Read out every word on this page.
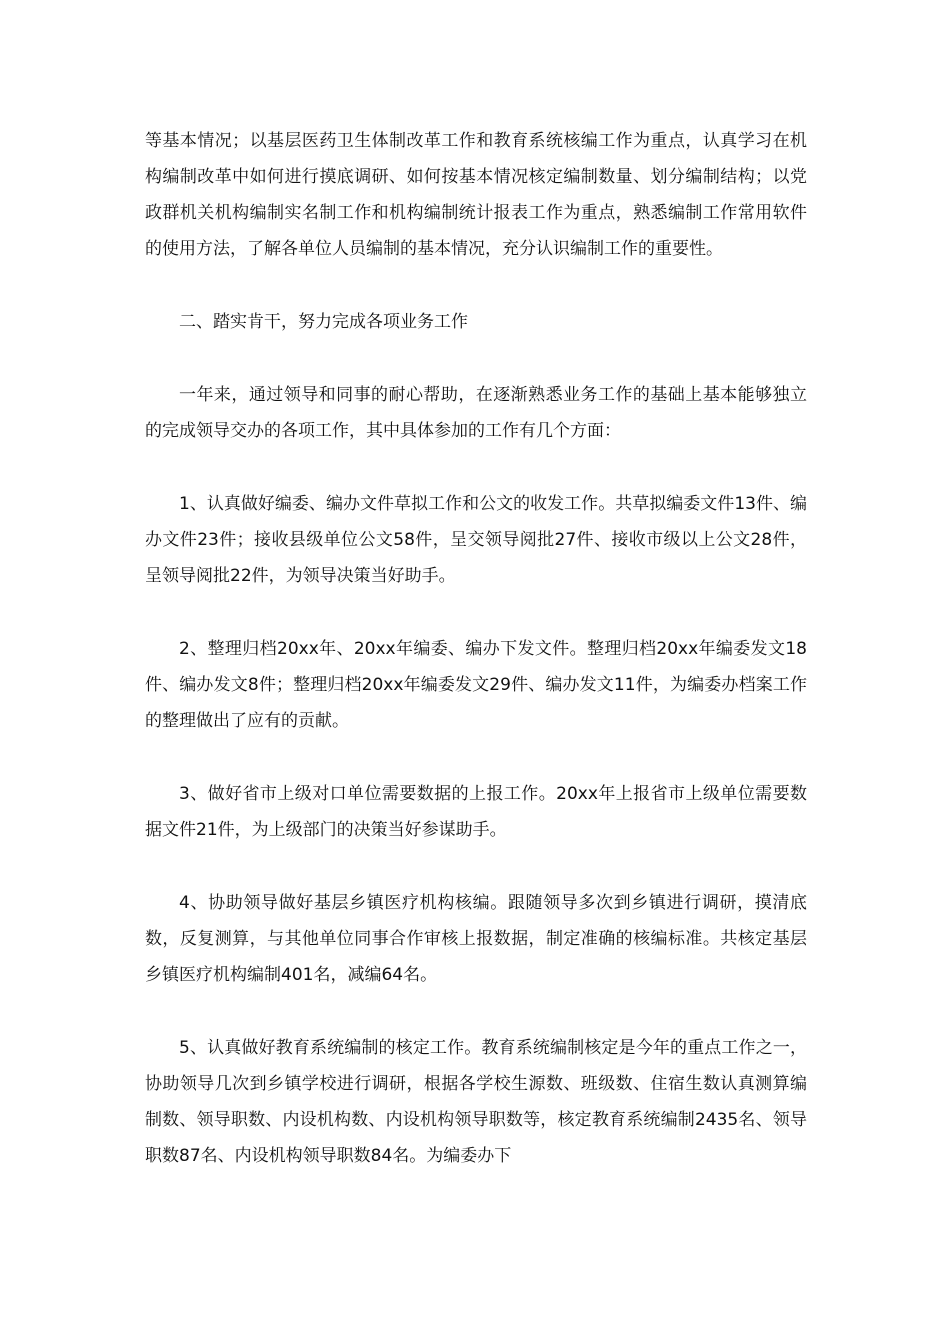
等基本情况；以基层医药卫生体制改革工作和教育系统核编工作为重点，认真学习在机构编制改革中如何进行摸底调研、如何按基本情况核定编制数量、划分编制结构；以党政群机关机构编制实名制工作和机构编制统计报表工作为重点，熟悉编制工作常用软件的使用方法，了解各单位人员编制的基本情况，充分认识编制工作的重要性。

二、踏实肯干，努力完成各项业务工作

一年来，通过领导和同事的耐心帮助，在逐渐熟悉业务工作的基础上基本能够独立的完成领导交办的各项工作，其中具体参加的工作有几个方面：

1、认真做好编委、编办文件草拟工作和公文的收发工作。共草拟编委文件13件、编办文件23件；接收县级单位公文58件，呈交领导阅批27件、接收市级以上公文28件，呈领导阅批22件，为领导决策当好助手。

2、整理归档20xx年、20xx年编委、编办下发文件。整理归档20xx年编委发文18件、编办发文8件；整理归档20xx年编委发文29件、编办发文11件，为编委办档案工作的整理做出了应有的贡献。

3、做好省市上级对口单位需要数据的上报工作。20xx年上报省市上级单位需要数据文件21件，为上级部门的决策当好参谋助手。

4、协助领导做好基层乡镇医疗机构核编。跟随领导多次到乡镇进行调研，摸清底数，反复测算，与其他单位同事合作审核上报数据，制定准确的核编标准。共核定基层乡镇医疗机构编制401名，减编64名。

5、认真做好教育系统编制的核定工作。教育系统编制核定是今年的重点工作之一，协助领导几次到乡镇学校进行调研，根据各学校生源数、班级数、住宿生数认真测算编制数、领导职数、内设机构数、内设机构领导职数等，核定教育系统编制2435名、领导职数87名、内设机构领导职数84名。为编委办下
